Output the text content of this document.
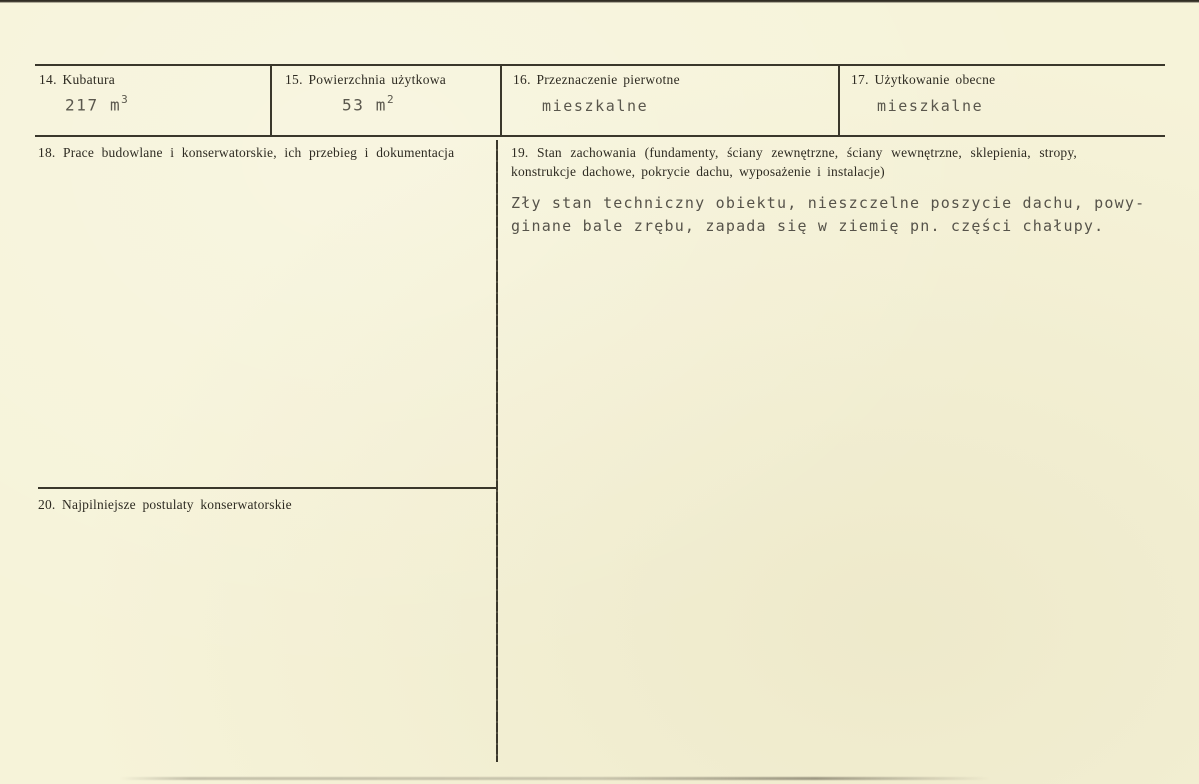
14. Kubatura
217 $m^3$
15. Powierzchnia użytkowa
53 $m^2$
16. Przeznaczenie pierwotne
mieszkalne
17. Użytkowanie obecne
mieszkalne
18. Prace budowlane i konserwatorskie, ich przebieg i dokumentacja	19. Stan zachowania (fundamenty, ściany zewnętrzne, ściany wewnętrzne, sklepienia, stropy, konstrukcje dachowe, pokrycie dachu, wyposażenie i instalacje)
Zły stan techniczny obiektu, nieszczelne poszycie dachu, powy-
ginane bale zrębu, zapada się w ziemię pn. części chałupy.
20. Najpilniejsze postulaty konserwatorskie
